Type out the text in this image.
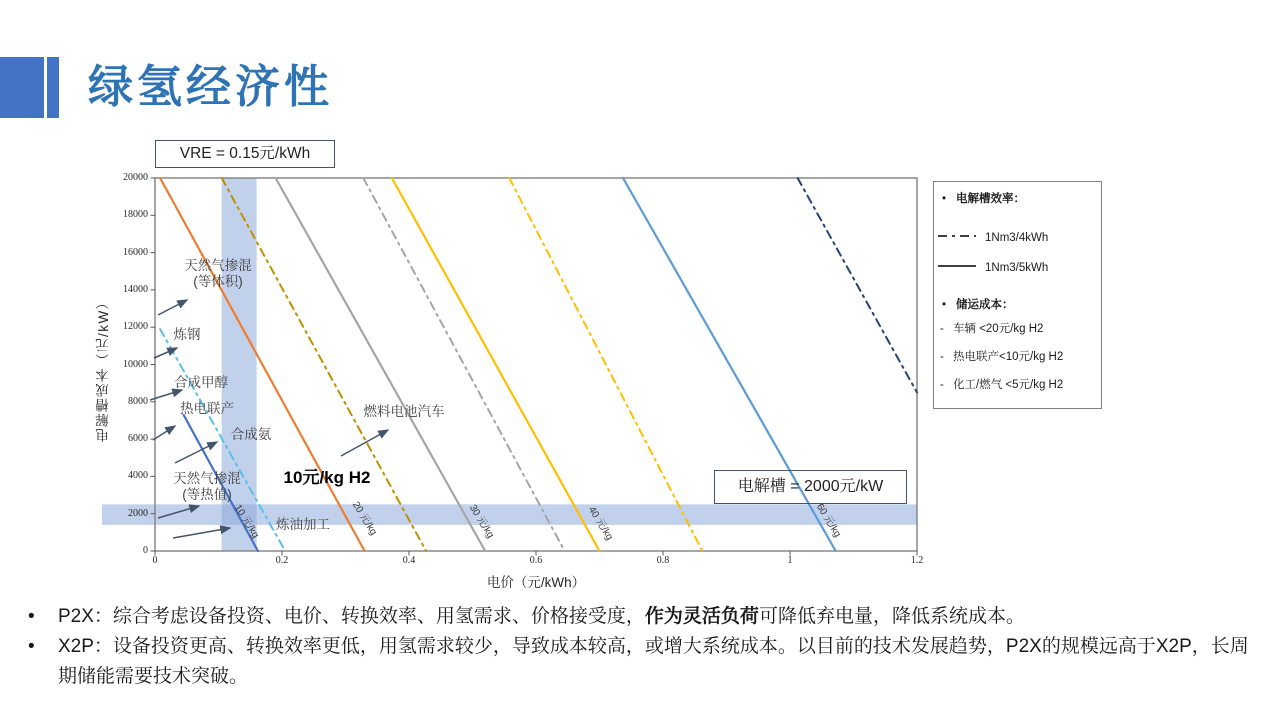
绿氢经济性
0
2000
4000
6000
8000
10000
12000
14000
16000
18000
20000
0	0.2	0.4	0.6	0.8	1	1.2
10 元/kg	20 元/kg	30 元/kg	40 元/kg	60 元/kg
天然气掺混
(等体积)
炼钢
合成甲醇
热电联产
合成氨
天然气掺混
(等热值)
炼油加工
燃料电池汽车
VRE = 0.15元/kWh
电解槽 = 2000元/kW
10元/kg H2
电解槽成本（元/kW）
电价（元/kWh）
• 电解槽效率：
1Nm3/4kWh
1Nm3/5kWh
• 储运成本：
- 车辆 <20元/kg H2
- 热电联产<10元/kg H2
- 化工/燃气 <5元/kg H2
•	P2X：综合考虑设备投资、电价、转换效率、用氢需求、价格接受度，作为灵活负荷可降低弃电量，降低系统成本。
•	X2P：设备投资更高、转换效率更低，用氢需求较少，导致成本较高，或增大系统成本。以目前的技术发展趋势，P2X的规模远高于X2P，长周期储能需要技术突破。
